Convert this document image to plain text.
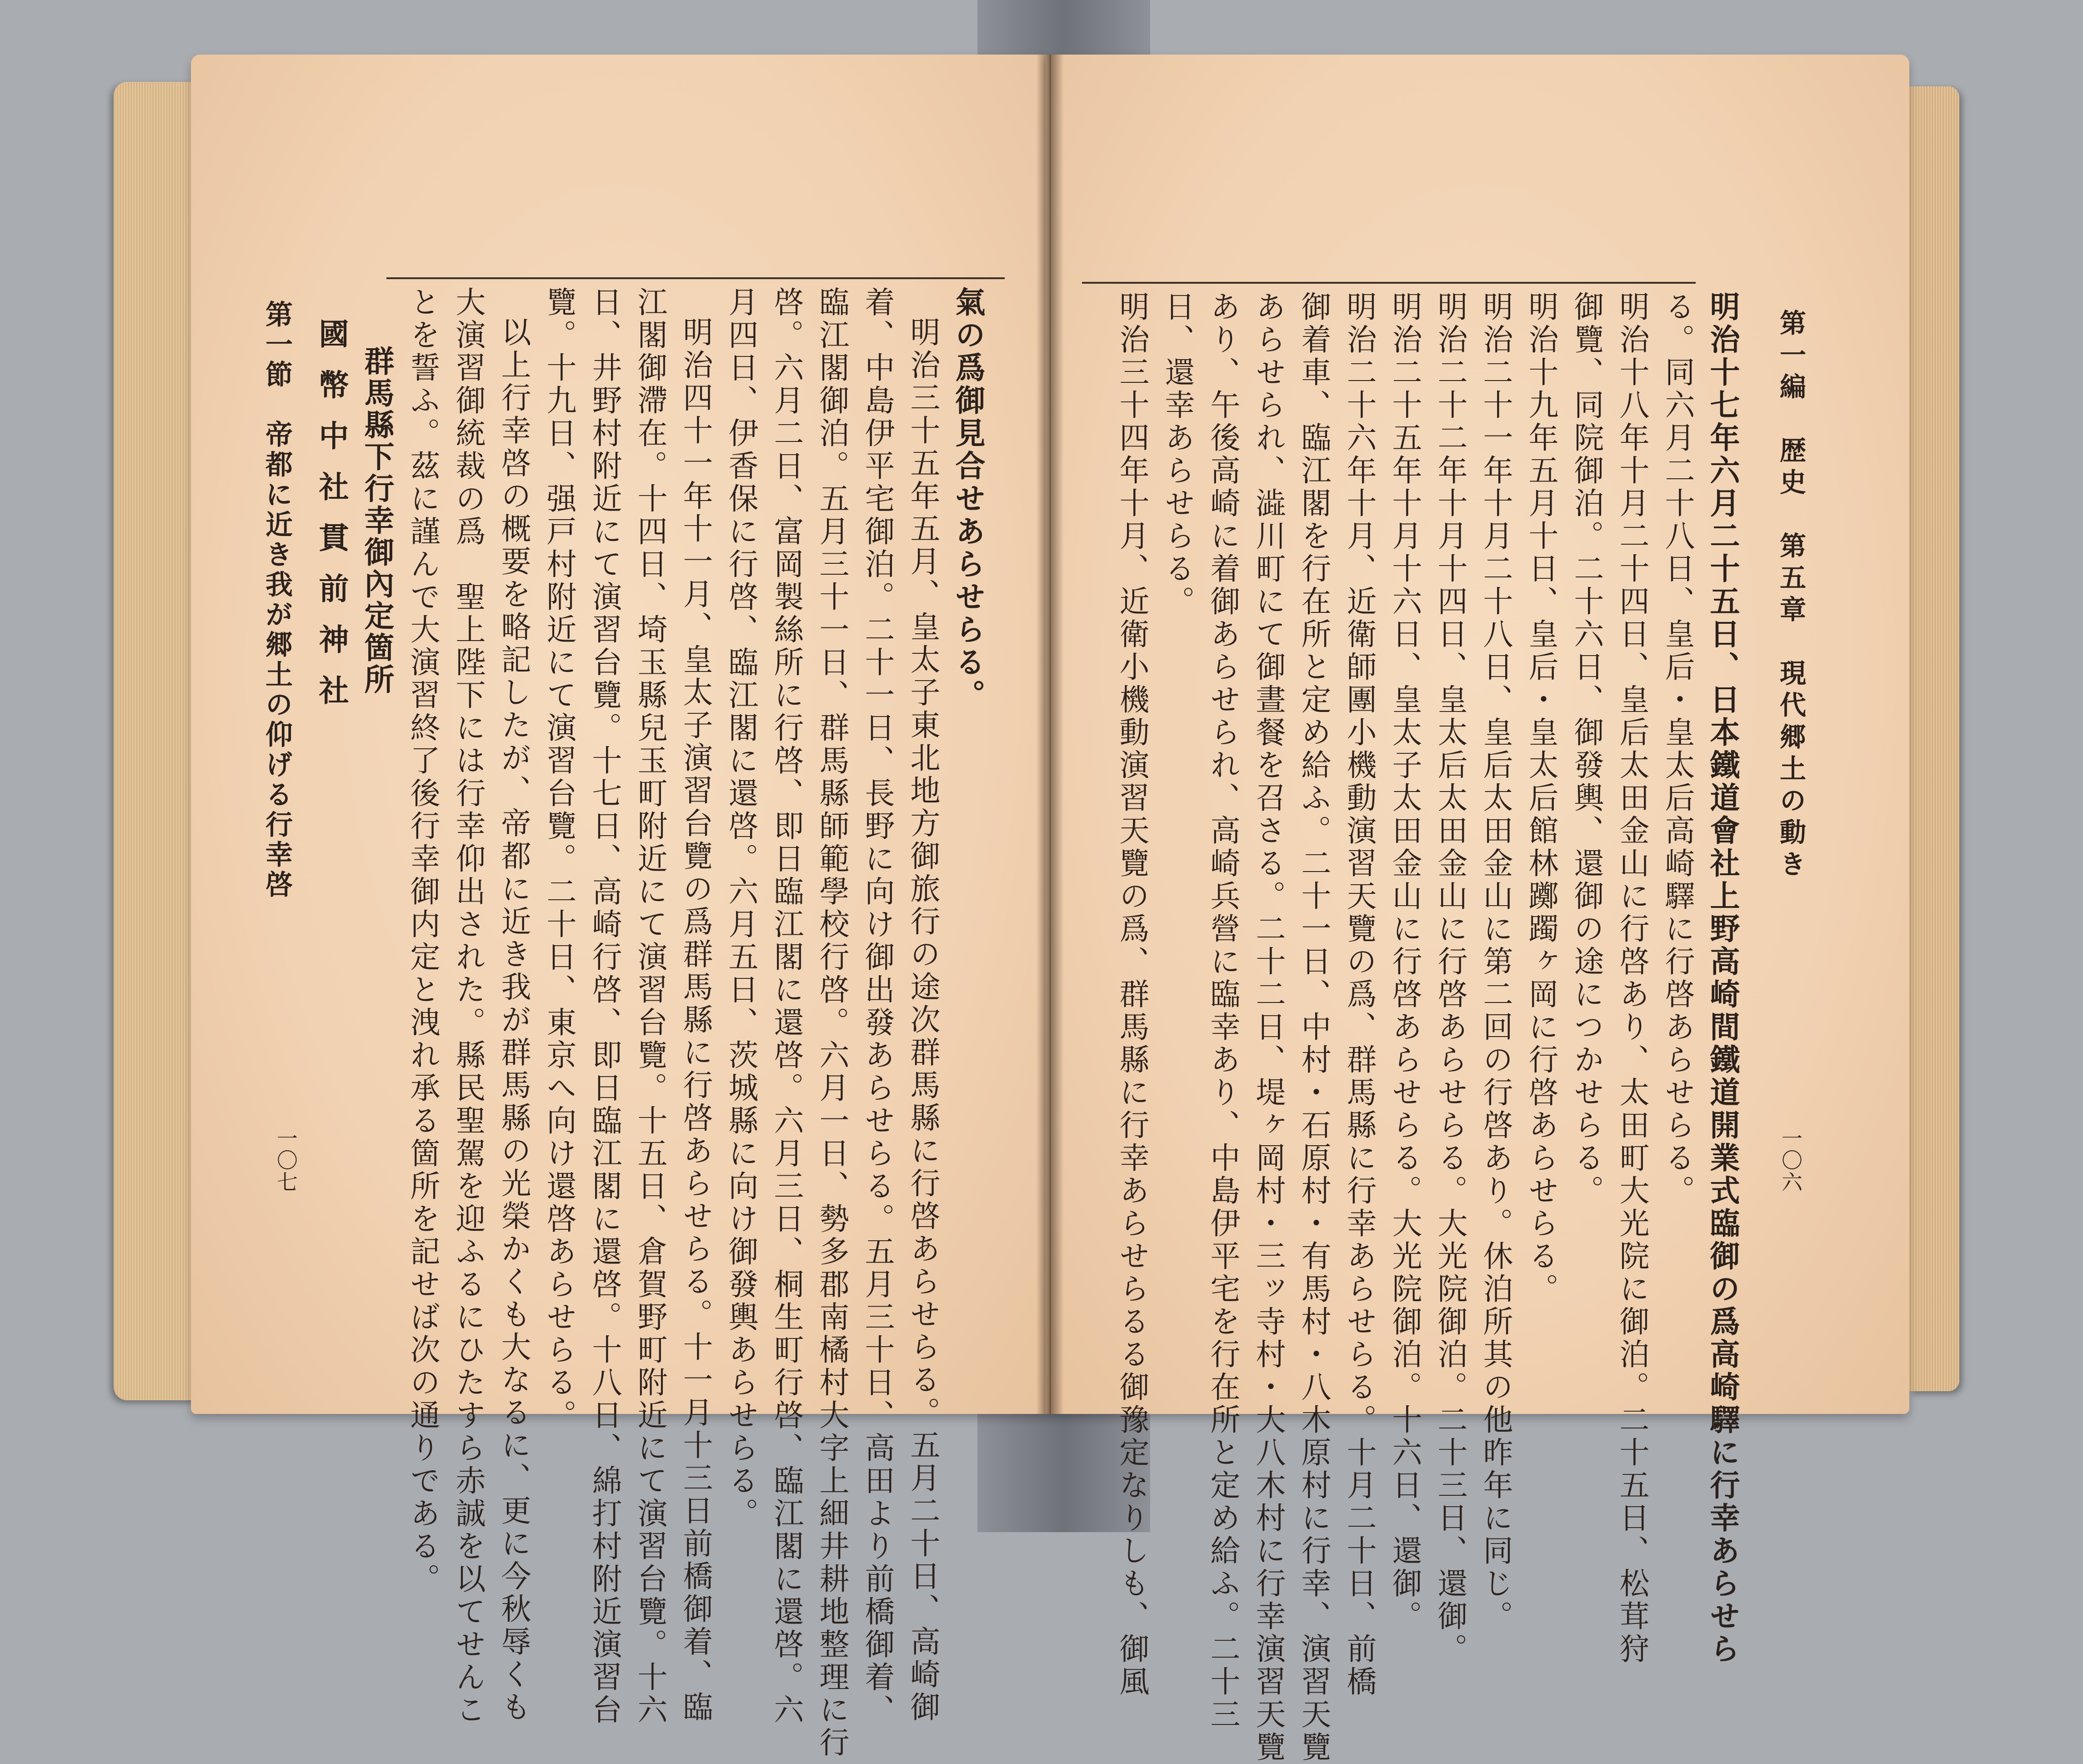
氣の爲御見合せあらせらる。
明治三十五年五月、皇太子東北地方御旅行の途次群馬縣に行啓あらせらる。五月二十日、高崎御
着、中島伊平宅御泊。二十一日、長野に向け御出發あらせらる。五月三十日、高田より前橋御着、
臨江閣御泊。五月三十一日、群馬縣師範學校行啓。六月一日、勢多郡南橘村大字上細井耕地整理に行
啓。六月二日、富岡製絲所に行啓、即日臨江閣に還啓。六月三日、桐生町行啓、臨江閣に還啓。六
月四日、伊香保に行啓、臨江閣に還啓。六月五日、茨城縣に向け御發輿あらせらる。
明治四十一年十一月、皇太子演習台覽の爲群馬縣に行啓あらせらる。十一月十三日前橋御着、臨
江閣御滯在。十四日、埼玉縣兒玉町附近にて演習台覽。十五日、倉賀野町附近にて演習台覽。十六
日、井野村附近にて演習台覽。十七日、高崎行啓、即日臨江閣に還啓。十八日、綿打村附近演習台
覽。十九日、强戸村附近にて演習台覽。二十日、東京へ向け還啓あらせらる。
以上行幸啓の概要を略記したが、帝都に近き我が群馬縣の光榮かくも大なるに、更に今秋辱くも
大演習御統裁の爲　聖上陛下には行幸仰出された。縣民聖駕を迎ふるにひたすら赤誠を以てせんこ
とを誓ふ。茲に謹んで大演習終了後行幸御内定と洩れ承る箇所を記せば次の通りである。
群馬縣下行幸御內定箇所
國幣中社貫前神社
第一節　帝都に近き我が郷土の仰げる行幸啓
一〇七
第一編　歴史　第五章　現代郷土の動き
一〇六
明治十七年六月二十五日、日本鐵道會社上野高崎間鐵道開業式臨御の爲高崎驛に行幸あらせら
る。同六月二十八日、皇后・皇太后高崎驛に行啓あらせらる。
明治十八年十月二十四日、皇后太田金山に行啓あり、太田町大光院に御泊。二十五日、松茸狩
御覽、同院御泊。二十六日、御發輿、還御の途につかせらる。
明治十九年五月十日、皇后・皇太后館林躑躅ヶ岡に行啓あらせらる。
明治二十一年十月二十八日、皇后太田金山に第二回の行啓あり。休泊所其の他昨年に同じ。
明治二十二年十月十四日、皇太后太田金山に行啓あらせらる。大光院御泊。二十三日、還御。
明治二十五年十月十六日、皇太子太田金山に行啓あらせらる。大光院御泊。十六日、還御。
明治二十六年十月、近衛師團小機動演習天覽の爲、群馬縣に行幸あらせらる。十月二十日、前橋
御着車、臨江閣を行在所と定め給ふ。二十一日、中村・石原村・有馬村・八木原村に行幸、演習天覽
あらせられ、澁川町にて御晝餐を召さる。二十二日、堤ヶ岡村・三ッ寺村・大八木村に行幸演習天覽
あり、午後高崎に着御あらせられ、高崎兵營に臨幸あり、中島伊平宅を行在所と定め給ふ。二十三
日、還幸あらせらる。
明治三十四年十月、近衛小機動演習天覽の爲、群馬縣に行幸あらせらるる御豫定なりしも、御風
